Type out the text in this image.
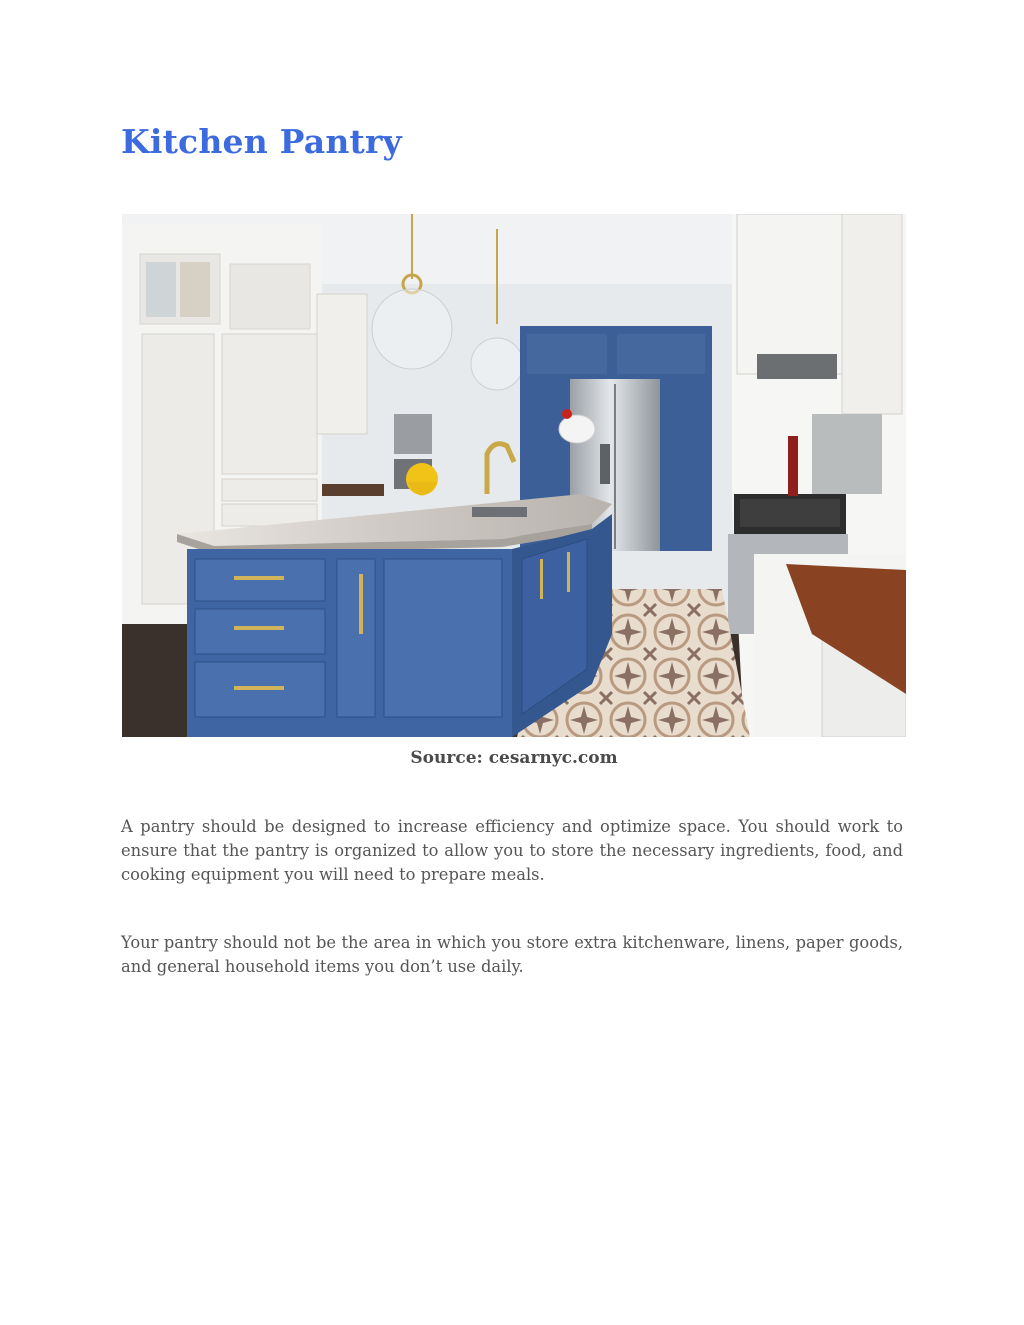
Kitchen Pantry
Source: cesarnyc.com

A pantry should be designed to increase efficiency and optimize space. You should work to ensure that the pantry is organized to allow you to store the necessary ingredients, food, and cooking equipment you will need to prepare meals.

Your pantry should not be the area in which you store extra kitchenware, linens, paper goods, and general household items you don’t use daily.
